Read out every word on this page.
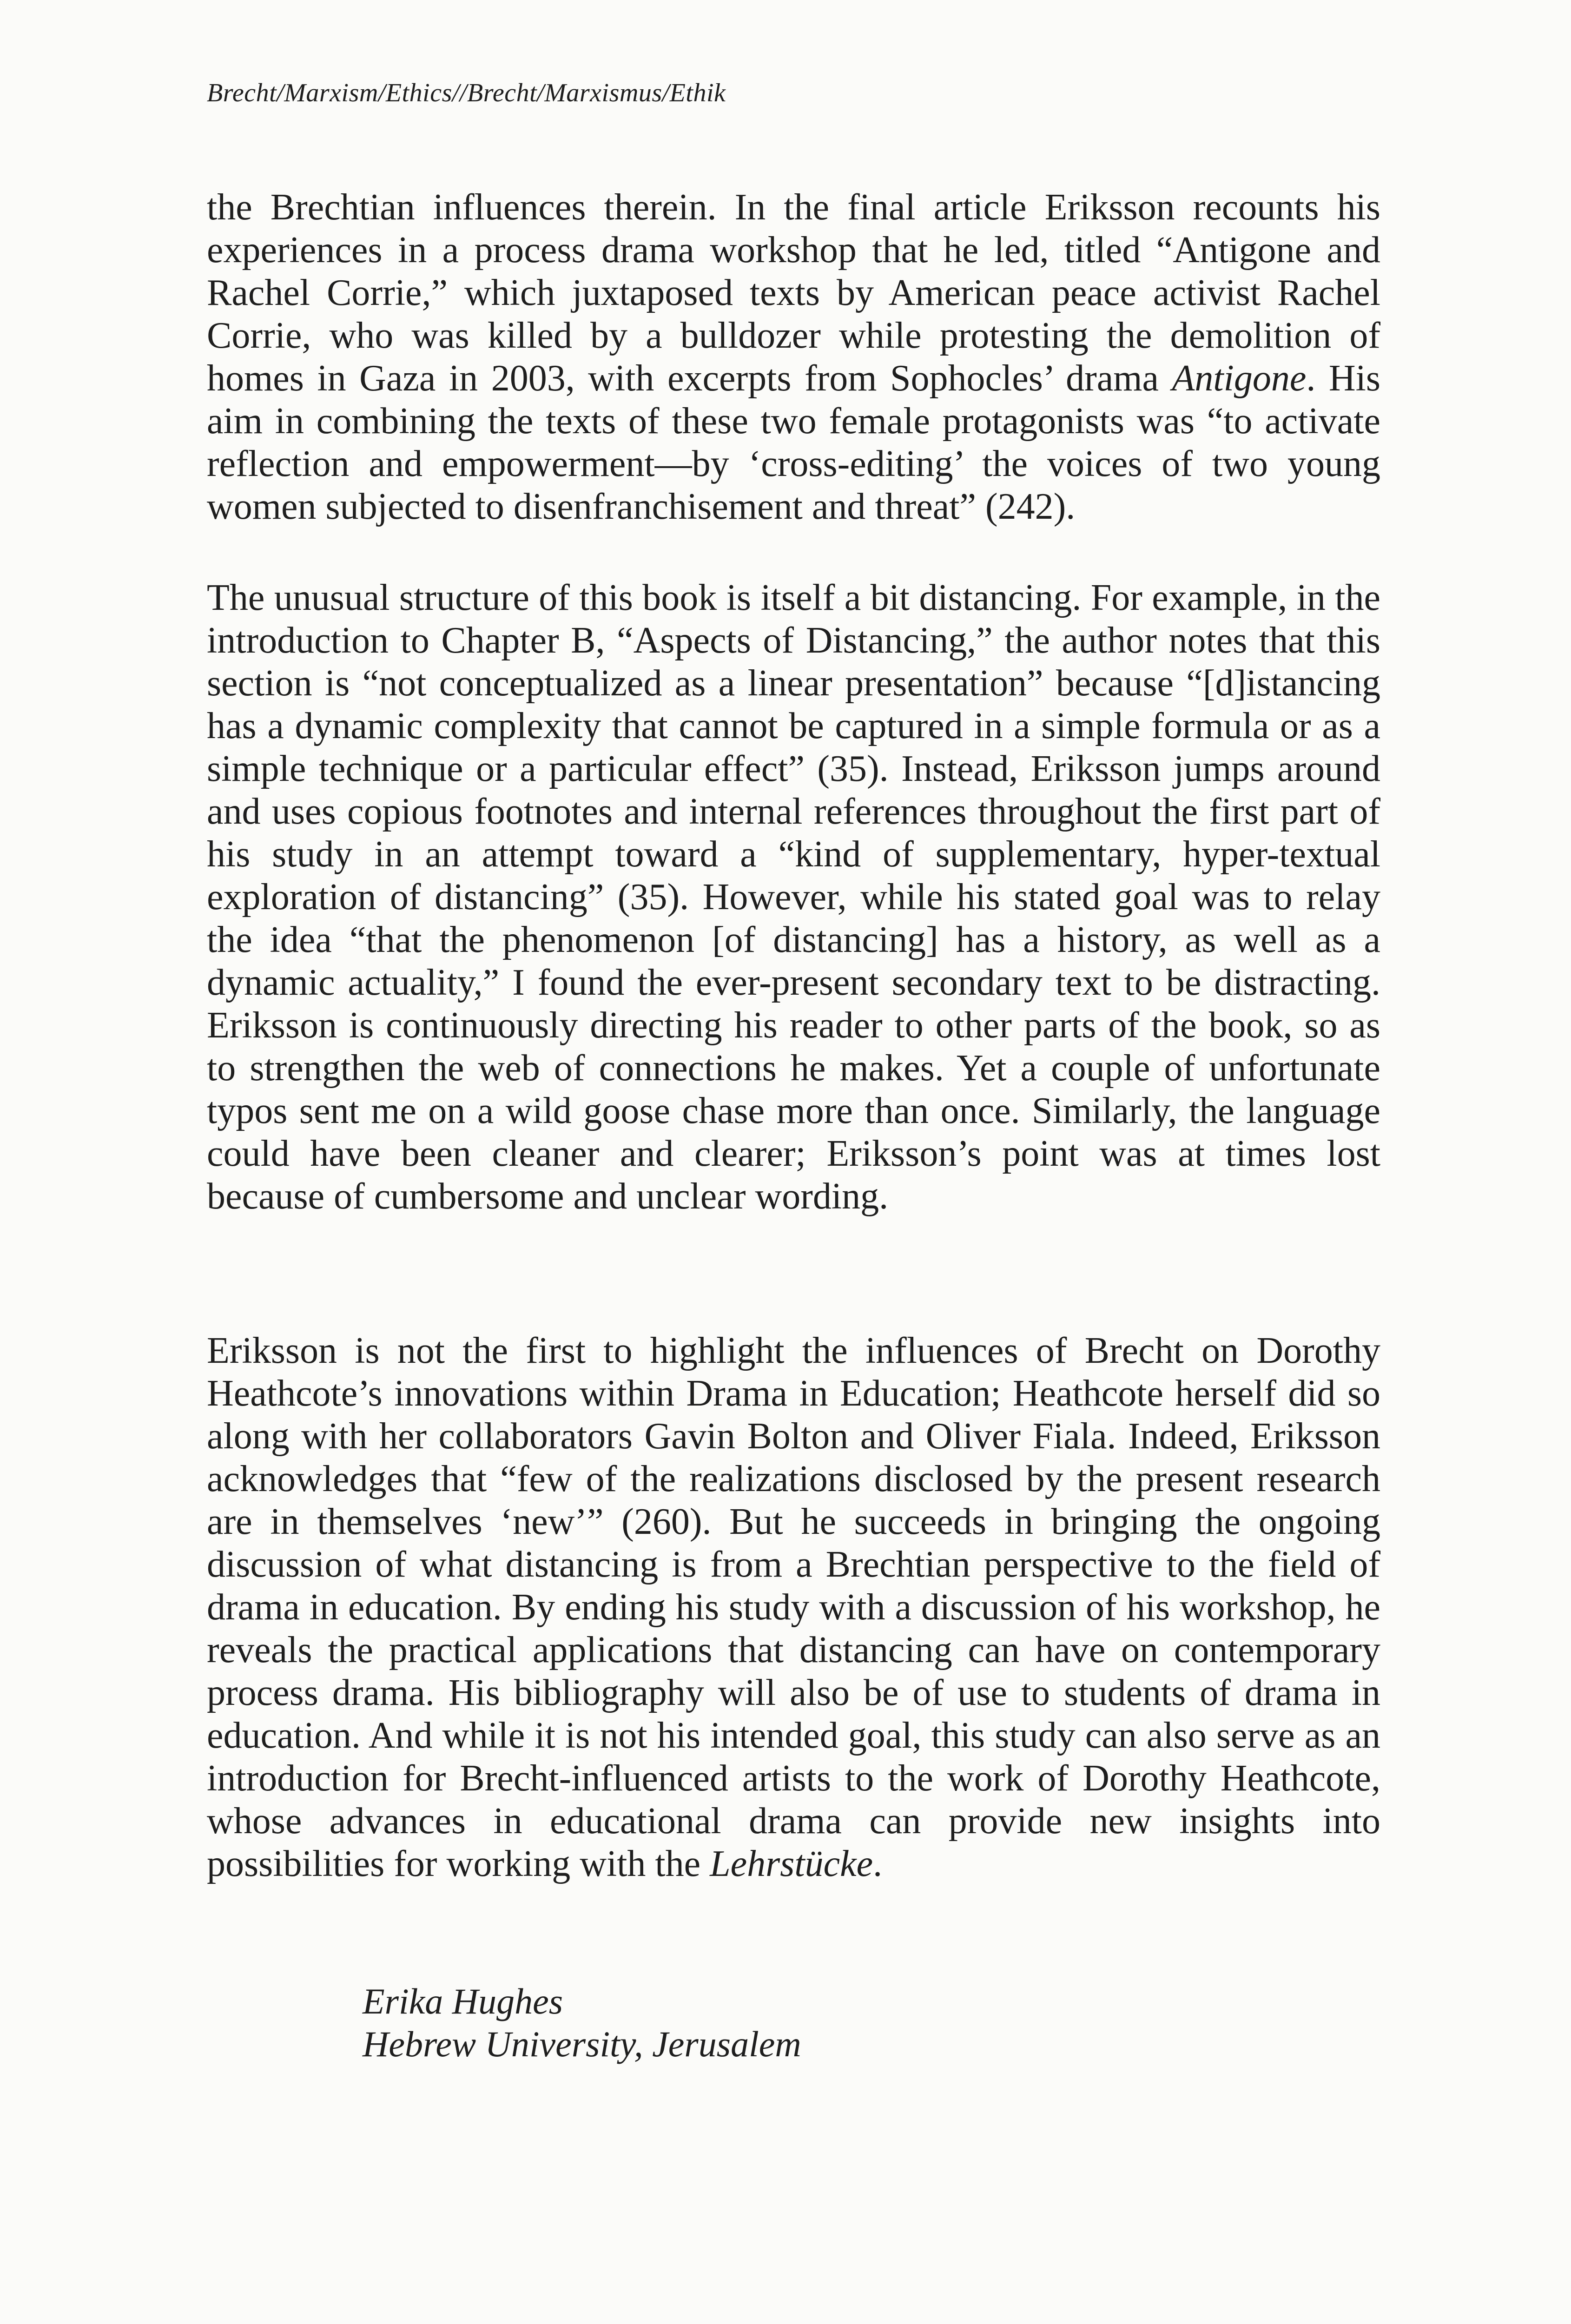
Brecht/Marxism/Ethics//Brecht/Marxismus/Ethik

the Brechtian influences therein. In the final article Eriksson recounts his experiences in a process drama workshop that he led, titled “Antigone and Rachel Corrie,” which juxtaposed texts by American peace activist Rachel Corrie, who was killed by a bulldozer while protesting the demolition of homes in Gaza in 2003, with excerpts from Sophocles’ drama Antigone. His aim in combining the texts of these two female protagonists was “to activate reflection and empowerment—by ‘cross-editing’ the voices of two young women subjected to disenfranchisement and threat” (242).

The unusual structure of this book is itself a bit distancing. For example, in the introduction to Chapter B, “Aspects of Distancing,” the author notes that this section is “not conceptualized as a linear presentation” because “[d]istancing has a dynamic complexity that cannot be captured in a simple formula or as a simple technique or a particular effect” (35). Instead, Eriksson jumps around and uses copious footnotes and internal references throughout the first part of his study in an attempt toward a “kind of supplementary, hyper-textual exploration of distancing” (35). However, while his stated goal was to relay the idea “that the phenomenon [of distancing] has a history, as well as a dynamic actuality,” I found the ever-present secondary text to be distracting. Eriksson is continuously directing his reader to other parts of the book, so as to strengthen the web of connections he makes. Yet a couple of unfortunate typos sent me on a wild goose chase more than once. Similarly, the language could have been cleaner and clearer; Eriksson’s point was at times lost because of cumbersome and unclear wording.

Eriksson is not the first to highlight the influences of Brecht on Dorothy Heathcote’s innovations within Drama in Education; Heathcote herself did so along with her collaborators Gavin Bolton and Oliver Fiala. Indeed, Eriksson acknowledges that “few of the realizations disclosed by the present research are in themselves ‘new’” (260). But he succeeds in bringing the ongoing discussion of what distancing is from a Brechtian perspective to the field of drama in education. By ending his study with a discussion of his workshop, he reveals the practical applications that distancing can have on contemporary process drama. His bibliography will also be of use to students of drama in education. And while it is not his intended goal, this study can also serve as an introduction for Brecht-influenced artists to the work of Dorothy Heathcote, whose advances in educational drama can provide new insights into possibilities for working with the Lehrstücke.

Erika Hughes
Hebrew University, Jerusalem
